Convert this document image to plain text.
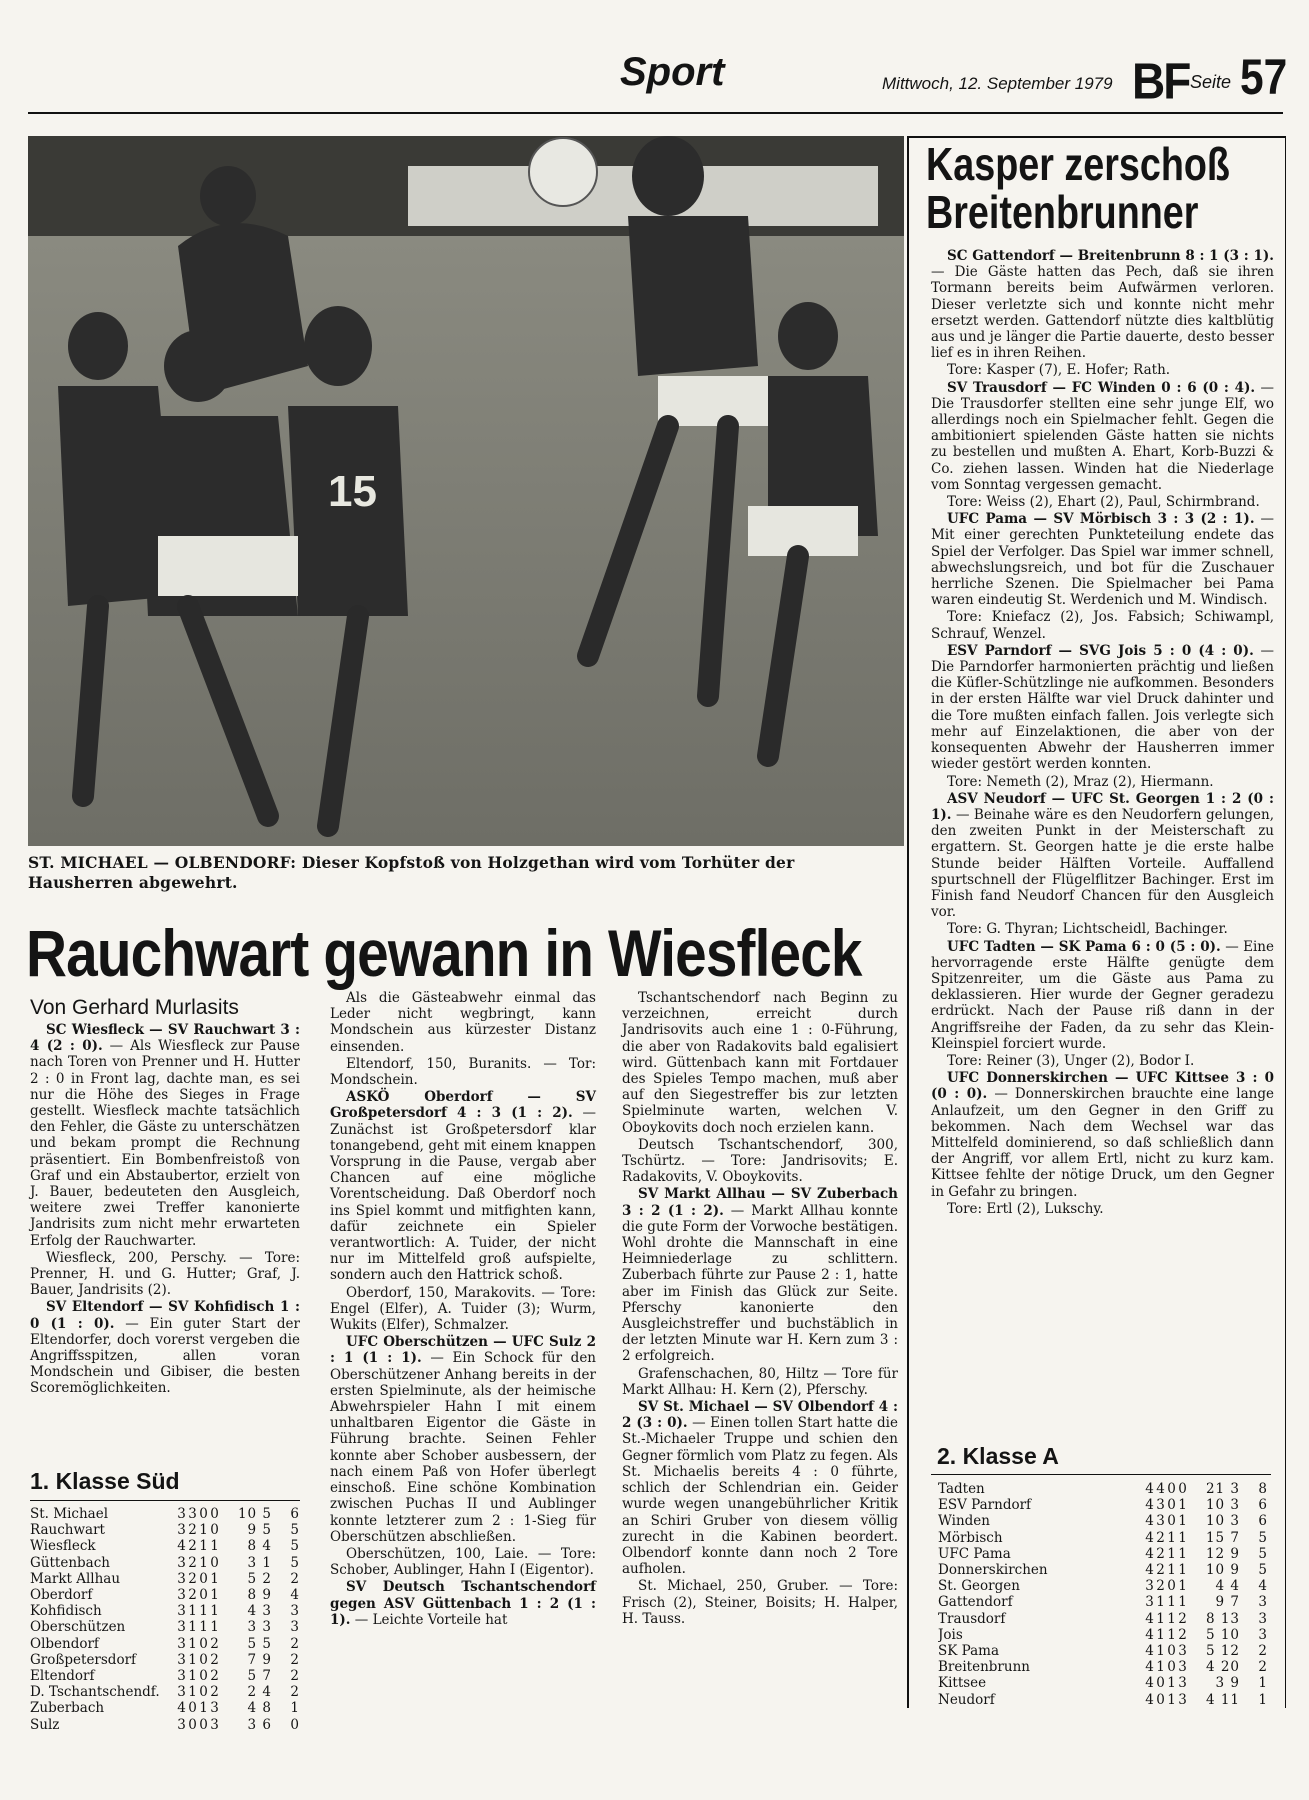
Sport	Mittwoch, 12. September 1979 BF Seite 57
15
ST. MICHAEL — OLBENDORF: Dieser Kopfstoß von Holzgethan wird vom Torhüter der Hausherren abgewehrt.
Rauchwart gewann in Wiesfleck
Von Gerhard Murlasits

SC Wiesfleck — SV Rauchwart 3 : 4 (2 : 0). — Als Wiesfleck zur Pause nach Toren von Prenner und H. Hutter 2 : 0 in Front lag, dachte man, es sei nur die Höhe des Sieges in Frage gestellt. Wiesfleck machte tatsächlich den Fehler, die Gäste zu unterschätzen und bekam prompt die Rechnung präsentiert. Ein Bombenfreistoß von Graf und ein Abstaubertor, erzielt von J. Bauer, bedeuteten den Ausgleich, weitere zwei Treffer kanonierte Jandrisits zum nicht mehr erwarteten Erfolg der Rauchwarter.

Wiesfleck, 200, Perschy. — Tore: Prenner, H. und G. Hutter; Graf, J. Bauer, Jandrisits (2).

SV Eltendorf — SV Kohfidisch 1 : 0 (1 : 0). — Ein guter Start der Eltendorfer, doch vorerst vergeben die Angriffsspitzen, allen voran Mondschein und Gibiser, die besten Scoremöglichkeiten.

Als die Gästeabwehr einmal das Leder nicht wegbringt, kann Mondschein aus kürzester Distanz einsenden.

Eltendorf, 150, Buranits. — Tor: Mondschein.

ASKÖ Oberdorf — SV Großpetersdorf 4 : 3 (1 : 2). — Zunächst ist Großpetersdorf klar tonangebend, geht mit einem knappen Vorsprung in die Pause, vergab aber Chancen auf eine mögliche Vorentscheidung. Daß Oberdorf noch ins Spiel kommt und mitfighten kann, dafür zeichnete ein Spieler verantwortlich: A. Tuider, der nicht nur im Mittelfeld groß aufspielte, sondern auch den Hattrick schoß.

Oberdorf, 150, Marakovits. — Tore: Engel (Elfer), A. Tuider (3); Wurm, Wukits (Elfer), Schmalzer.

UFC Oberschützen — UFC Sulz 2 : 1 (1 : 1). — Ein Schock für den Oberschützener Anhang bereits in der ersten Spielminute, als der heimische Abwehrspieler Hahn I mit einem unhaltbaren Eigentor die Gäste in Führung brachte. Seinen Fehler konnte aber Schober ausbessern, der nach einem Paß von Hofer überlegt einschoß. Eine schöne Kombination zwischen Puchas II und Aublinger konnte letzterer zum 2 : 1-Sieg für Oberschützen abschließen.

Oberschützen, 100, Laie. — Tore: Schober, Aublinger, Hahn I (Eigentor).

SV Deutsch Tschantschendorf gegen ASV Güttenbach 1 : 2 (1 : 1). — Leichte Vorteile hat

Tschantschendorf nach Beginn zu verzeichnen, erreicht durch Jandrisovits auch eine 1 : 0-Führung, die aber von Radakovits bald egalisiert wird. Güttenbach kann mit Fortdauer des Spieles Tempo machen, muß aber auf den Siegestreffer bis zur letzten Spielminute warten, welchen V. Oboykovits doch noch erzielen kann.

Deutsch Tschantschendorf, 300, Tschürtz. — Tore: Jandrisovits; E. Radakovits, V. Oboykovits.

SV Markt Allhau — SV Zuberbach 3 : 2 (1 : 2). — Markt Allhau konnte die gute Form der Vorwoche bestätigen. Wohl drohte die Mannschaft in eine Heimniederlage zu schlittern. Zuberbach führte zur Pause 2 : 1, hatte aber im Finish das Glück zur Seite. Pferschy kanonierte den Ausgleichstreffer und buchstäblich in der letzten Minute war H. Kern zum 3 : 2 erfolgreich.

Grafenschachen, 80, Hiltz — Tore für Markt Allhau: H. Kern (2), Pferschy.

SV St. Michael — SV Olbendorf 4 : 2 (3 : 0). — Einen tollen Start hatte die St.-Michaeler Truppe und schien den Gegner förmlich vom Platz zu fegen. Als St. Michaelis bereits 4 : 0 führte, schlich der Schlendrian ein. Geider wurde wegen unangebührlicher Kritik an Schiri Gruber von diesem völlig zurecht in die Kabinen beordert. Olbendorf konnte dann noch 2 Tore aufholen.

St. Michael, 250, Gruber. — Tore: Frisch (2), Steiner, Boisits; H. Halper, H. Tauss.

1. Klasse Süd
St. Michael	3 3 0 0	10 5	6
Rauchwart	3 2 1 0	9 5	5
Wiesfleck	4 2 1 1	8 4	5
Güttenbach	3 2 1 0	3 1	5
Markt Allhau	3 2 0 1	5 2	2
Oberdorf	3 2 0 1	8 9	4
Kohfidisch	3 1 1 1	4 3	3
Oberschützen	3 1 1 1	3 3	3
Olbendorf	3 1 0 2	5 5	2
Großpetersdorf	3 1 0 2	7 9	2
Eltendorf	3 1 0 2	5 7	2
D. Tschantschendf.	3 1 0 2	2 4	2
Zuberbach	4 0 1 3	4 8	1
Sulz	3 0 0 3	3 6	0
Kasper zerschoß
Breitenbrunner

SC Gattendorf — Breitenbrunn 8 : 1 (3 : 1). — Die Gäste hatten das Pech, daß sie ihren Tormann bereits beim Aufwärmen verloren. Dieser verletzte sich und konnte nicht mehr ersetzt werden. Gattendorf nützte dies kaltblütig aus und je länger die Partie dauerte, desto besser lief es in ihren Reihen.

Tore: Kasper (7), E. Hofer; Rath.

SV Trausdorf — FC Winden 0 : 6 (0 : 4). — Die Trausdorfer stellten eine sehr junge Elf, wo allerdings noch ein Spielmacher fehlt. Gegen die ambitioniert spielenden Gäste hatten sie nichts zu bestellen und mußten A. Ehart, Korb-Buzzi & Co. ziehen lassen. Winden hat die Niederlage vom Sonntag vergessen gemacht.

Tore: Weiss (2), Ehart (2), Paul, Schirmbrand.

UFC Pama — SV Mörbisch 3 : 3 (2 : 1). — Mit einer gerechten Punkteteilung endete das Spiel der Verfolger. Das Spiel war immer schnell, abwechslungsreich, und bot für die Zuschauer herrliche Szenen. Die Spielmacher bei Pama waren eindeutig St. Werdenich und M. Windisch.

Tore: Kniefacz (2), Jos. Fabsich; Schiwampl, Schrauf, Wenzel.

ESV Parndorf — SVG Jois 5 : 0 (4 : 0). — Die Parndorfer harmonierten prächtig und ließen die Küfler-Schützlinge nie aufkommen. Besonders in der ersten Hälfte war viel Druck dahinter und die Tore mußten einfach fallen. Jois verlegte sich mehr auf Einzelaktionen, die aber von der konsequenten Abwehr der Hausherren immer wieder gestört werden konnten.

Tore: Nemeth (2), Mraz (2), Hiermann.

ASV Neudorf — UFC St. Georgen 1 : 2 (0 : 1). — Beinahe wäre es den Neudorfern gelungen, den zweiten Punkt in der Meisterschaft zu ergattern. St. Georgen hatte je die erste halbe Stunde beider Hälften Vorteile. Auffallend spurtschnell der Flügelflitzer Bachinger. Erst im Finish fand Neudorf Chancen für den Ausgleich vor.

Tore: G. Thyran; Lichtscheidl, Bachinger.

UFC Tadten — SK Pama 6 : 0 (5 : 0). — Eine hervorragende erste Hälfte genügte dem Spitzenreiter, um die Gäste aus Pama zu deklassieren. Hier wurde der Gegner geradezu erdrückt. Nach der Pause riß dann in der Angriffsreihe der Faden, da zu sehr das Klein-Kleinspiel forciert wurde.

Tore: Reiner (3), Unger (2), Bodor I.

UFC Donnerskirchen — UFC Kittsee 3 : 0 (0 : 0). — Donnerskirchen brauchte eine lange Anlaufzeit, um den Gegner in den Griff zu bekommen. Nach dem Wechsel war das Mittelfeld dominierend, so daß schließlich dann der Angriff, vor allem Ertl, nicht zu kurz kam. Kittsee fehlte der nötige Druck, um den Gegner in Gefahr zu bringen.

Tore: Ertl (2), Lukschy.

2. Klasse A
Tadten	4 4 0 0	21 3	8
ESV Parndorf	4 3 0 1	10 3	6
Winden	4 3 0 1	10 3	6
Mörbisch	4 2 1 1	15 7	5
UFC Pama	4 2 1 1	12 9	5
Donnerskirchen	4 2 1 1	10 9	5
St. Georgen	3 2 0 1	4 4	4
Gattendorf	3 1 1 1	9 7	3
Trausdorf	4 1 1 2	8 13	3
Jois	4 1 1 2	5 10	3
SK Pama	4 1 0 3	5 12	2
Breitenbrunn	4 1 0 3	4 20	2
Kittsee	4 0 1 3	3 9	1
Neudorf	4 0 1 3	4 11	1
